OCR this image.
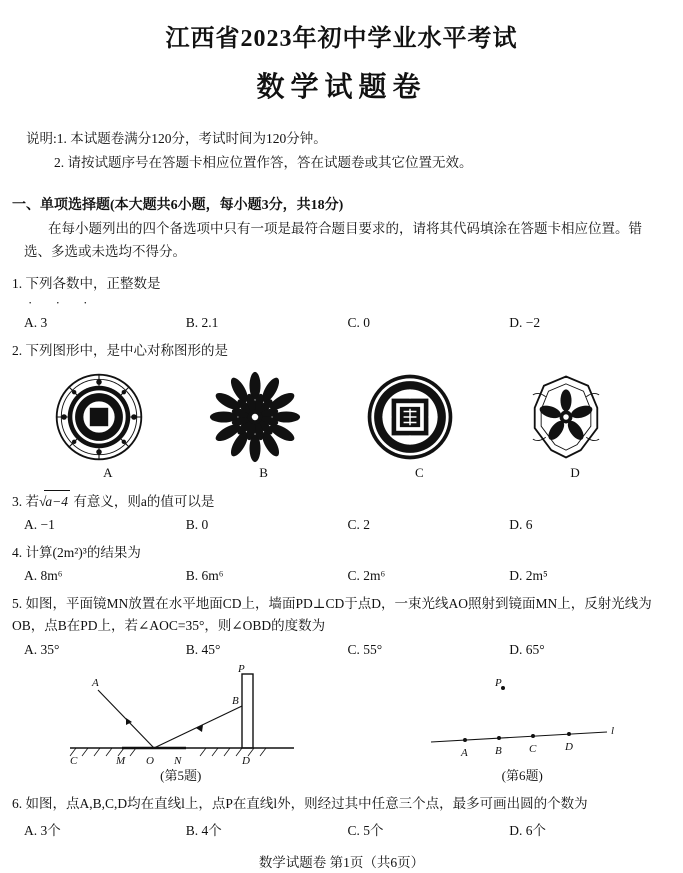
江西省2023年初中学业水平考试
数学试题卷
说明:1. 本试题卷满分120分，考试时间为120分钟。
2. 请按试题序号在答题卡相应位置作答，答在试题卷或其它位置无效。
一、单项选择题(本大题共6小题，每小题3分，共18分)
在每小题列出的四个备选项中只有一项是最符合题目要求的，请将其代码填涂在答题卡相应位置。错选、多选或未选均不得分。
1. 下列各数中，正整数是
· · ·
A. 3	B. 2.1	C. 0	D. −2
2. 下列图形中，是中心对称图形的是
A	B	C	D
3. 若√a−4 有意义，则a的值可以是
A. −1	B. 0	C. 2	D. 6
4. 计算(2m²)³的结果为
A. 8m⁶	B. 6m⁶	C. 2m⁶	D. 2m⁵
5. 如图，平面镜MN放置在水平地面CD上，墙面PD⊥CD于点D，一束光线AO照射到镜面MN上，反射光线为OB，点B在PD上，若∠AOC=35°，则∠OBD的度数为
A. 35°	B. 45°	C. 55°	D. 65°
A
B
P
C	M O N	D
(第5题)
P
A B C	D
l
(第6题)
6. 如图，点A,B,C,D均在直线l上，点P在直线l外，则经过其中任意三个点，最多可画出圆的个数为
A. 3个	B. 4个	C. 5个	D. 6个
数学试题卷 第1页（共6页）
